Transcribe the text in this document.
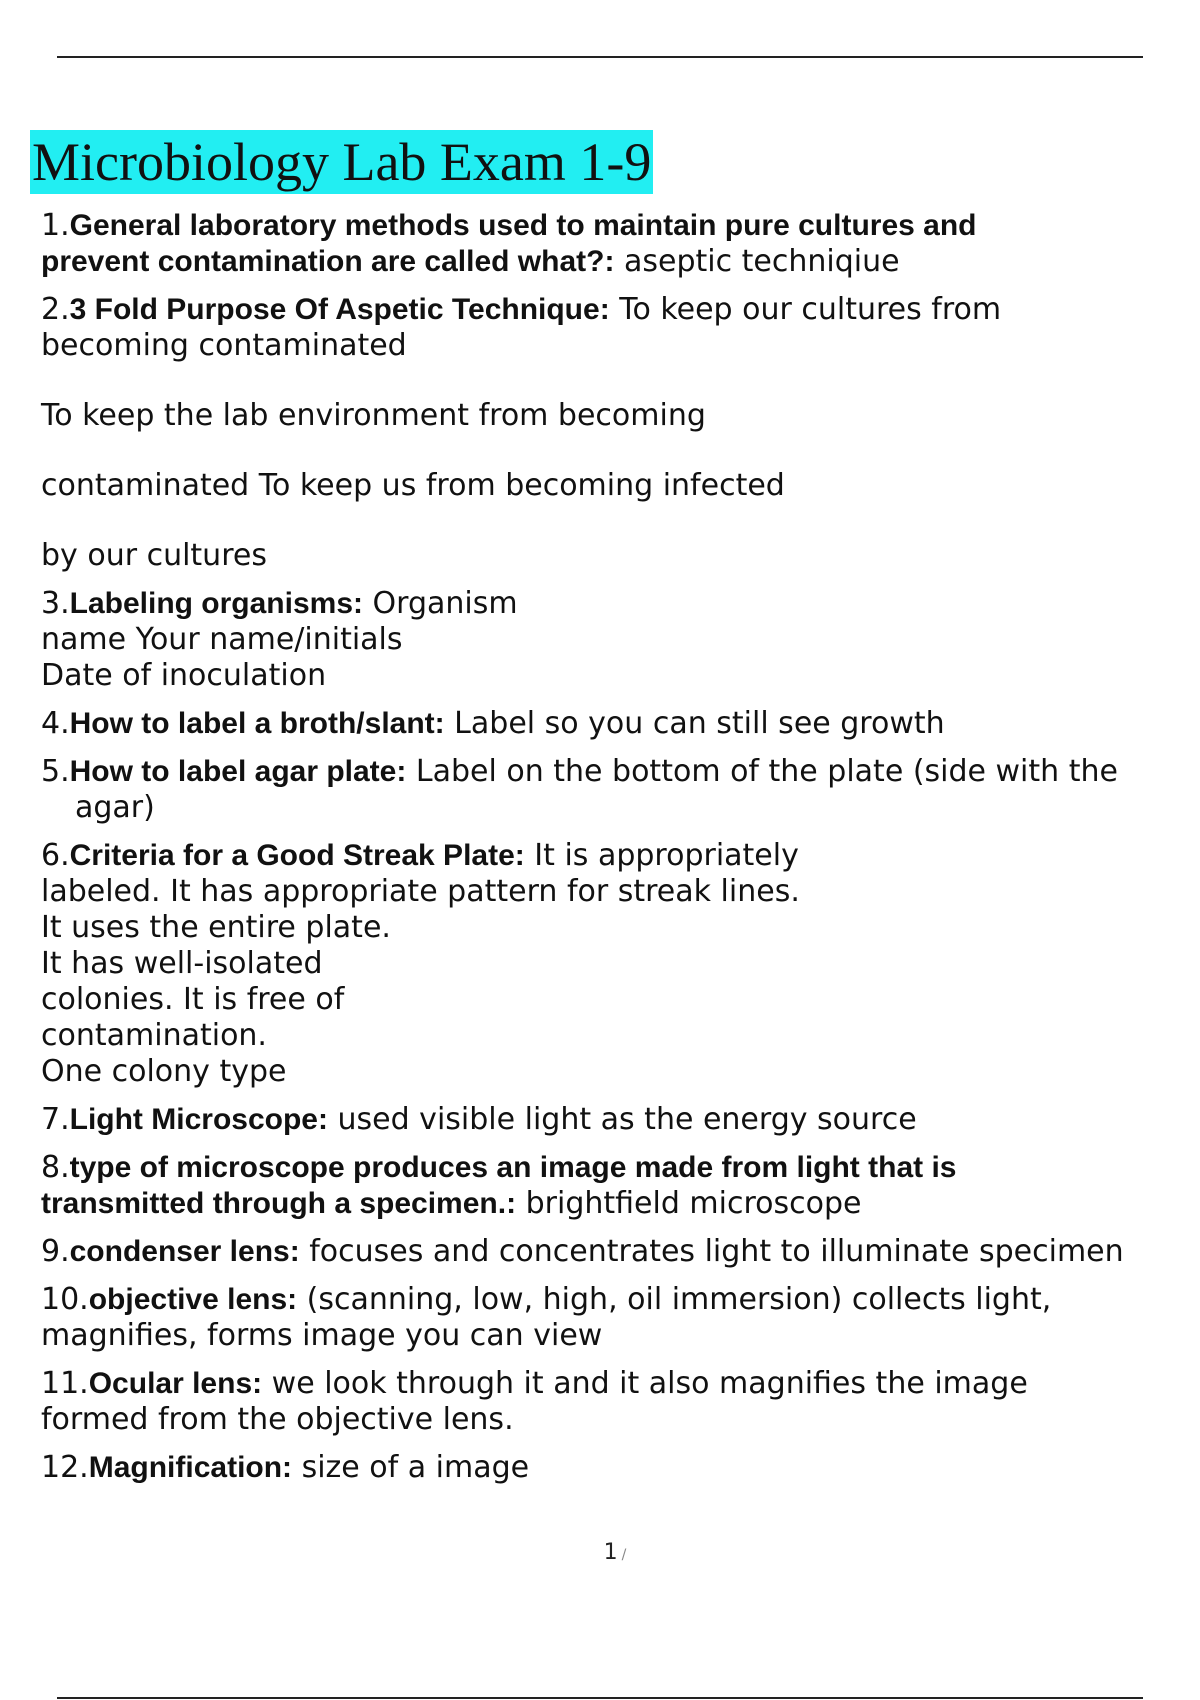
Microbiology Lab Exam 1-9
1.General laboratory methods used to maintain pure cultures and
prevent contamination are called what?: aseptic techniqiue
2.3 Fold Purpose Of Aspetic Technique: To keep our cultures from
becoming contaminated
To keep the lab environment from becoming
contaminated To keep us from becoming infected
by our cultures
3.Labeling organisms: Organism
name Your name/initials
Date of inoculation
4.How to label a broth/slant: Label so you can still see growth
5.How to label agar plate: Label on the bottom of the plate (side with the
agar)
6.Criteria for a Good Streak Plate: It is appropriately
labeled. It has appropriate pattern for streak lines.
It uses the entire plate.
It has well-isolated
colonies. It is free of
contamination.
One colony type
7.Light Microscope: used visible light as the energy source
8.type of microscope produces an image made from light that is
transmitted through a specimen.: brightfield microscope
9.condenser lens: focuses and concentrates light to illuminate specimen
10.objective lens: (scanning, low, high, oil immersion) collects light,
magnifies, forms image you can view
11.Ocular lens: we look through it and it also magnifies the image
formed from the objective lens.
12.Magnification: size of a image
1 /
